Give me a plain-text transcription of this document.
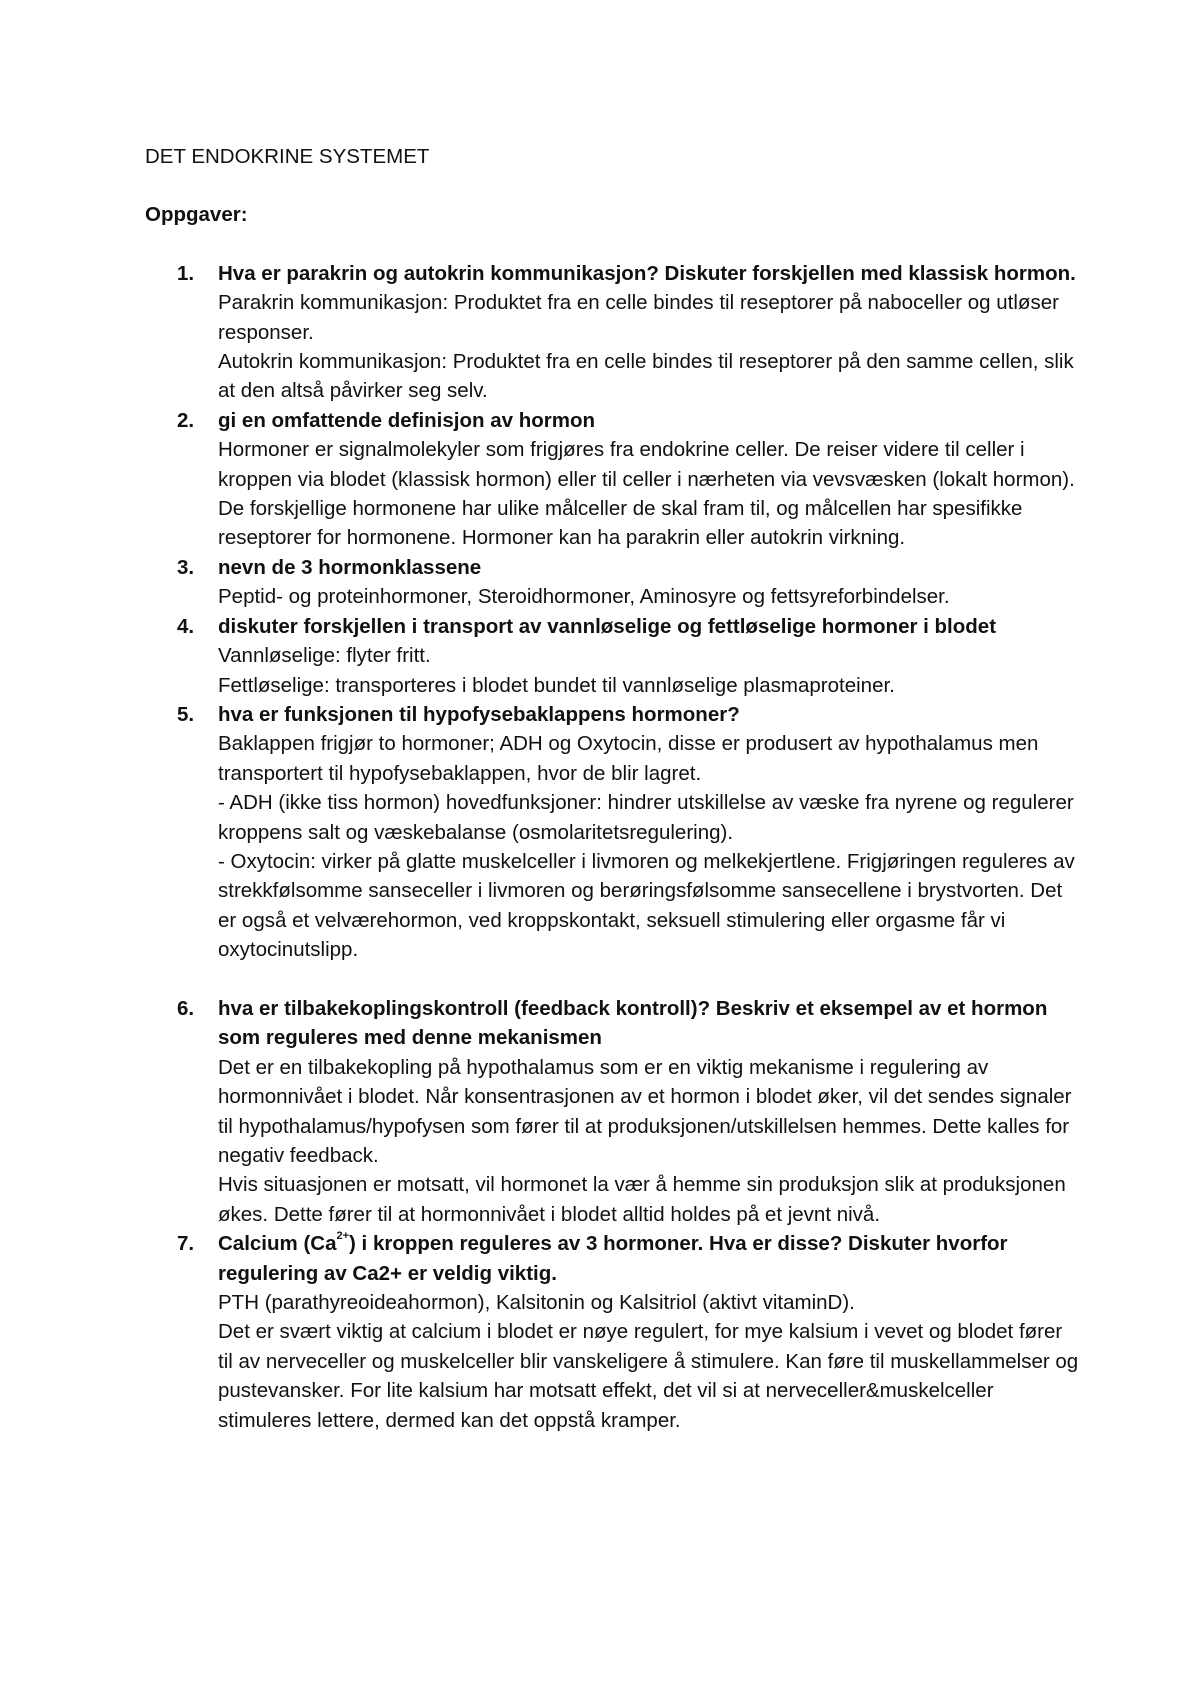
DET ENDOKRINE SYSTEMET
Oppgaver:
1. Hva er parakrin og autokrin kommunikasjon? Diskuter forskjellen med klassisk hormon.
Parakrin kommunikasjon: Produktet fra en celle bindes til reseptorer på naboceller og utløser responser.
Autokrin kommunikasjon: Produktet fra en celle bindes til reseptorer på den samme cellen, slik at den altså påvirker seg selv.
2. gi en omfattende definisjon av hormon
Hormoner er signalmolekyler som frigjøres fra endokrine celler. De reiser videre til celler i kroppen via blodet (klassisk hormon) eller til celler i nærheten via vevsvæsken (lokalt hormon). De forskjellige hormonene har ulike målceller de skal fram til, og målcellen har spesifikke reseptorer for hormonene. Hormoner kan ha parakrin eller autokrin virkning.
3. nevn de 3 hormonklassene
Peptid- og proteinhormoner, Steroidhormoner, Aminosyre og fettsyreforbindelser.
4. diskuter forskjellen i transport av vannløselige og fettløselige hormoner i blodet
Vannløselige: flyter fritt.
Fettløselige: transporteres i blodet bundet til vannløselige plasmaproteiner.
5. hva er funksjonen til hypofysebaklappens hormoner?
Baklappen frigjør to hormoner; ADH og Oxytocin, disse er produsert av hypothalamus men transportert til hypofysebaklappen, hvor de blir lagret.
- ADH (ikke tiss hormon) hovedfunksjoner: hindrer utskillelse av væske fra nyrene og regulerer kroppens salt og væskebalanse (osmolaritetsregulering).
- Oxytocin: virker på glatte muskelceller i livmoren og melkekjertlene. Frigjøringen reguleres av strekkfølsomme sanseceller i livmoren og berøringsfølsomme sansecellene i brystvorten. Det er også et velværehormon, ved kroppskontakt, seksuell stimulering eller orgasme får vi oxytocinutslipp.
6. hva er tilbakekoplingskontroll (feedback kontroll)? Beskriv et eksempel av et hormon som reguleres med denne mekanismen
Det er en tilbakekopling på hypothalamus som er en viktig mekanisme i regulering av hormonnivået i blodet. Når konsentrasjonen av et hormon i blodet øker, vil det sendes signaler til hypothalamus/hypofysen som fører til at produksjonen/utskillelsen hemmes. Dette kalles for negativ feedback.
Hvis situasjonen er motsatt, vil hormonet la vær å hemme sin produksjon slik at produksjonen økes. Dette fører til at hormonnivået i blodet alltid holdes på et jevnt nivå.
7. Calcium $(Ca^{2+})$ i kroppen reguleres av 3 hormoner. Hva er disse? Diskuter hvorfor regulering av Ca2+ er veldig viktig.
PTH (parathyreoideahormon), Kalsitonin og Kalsitriol (aktivt vitaminD).
Det er svært viktig at calcium i blodet er nøye regulert, for mye kalsium i vevet og blodet fører til av nerveceller og muskelceller blir vanskeligere å stimulere. Kan føre til muskellammelser og pustevansker. For lite kalsium har motsatt effekt, det vil si at nerveceller&muskelceller stimuleres lettere, dermed kan det oppstå kramper.
